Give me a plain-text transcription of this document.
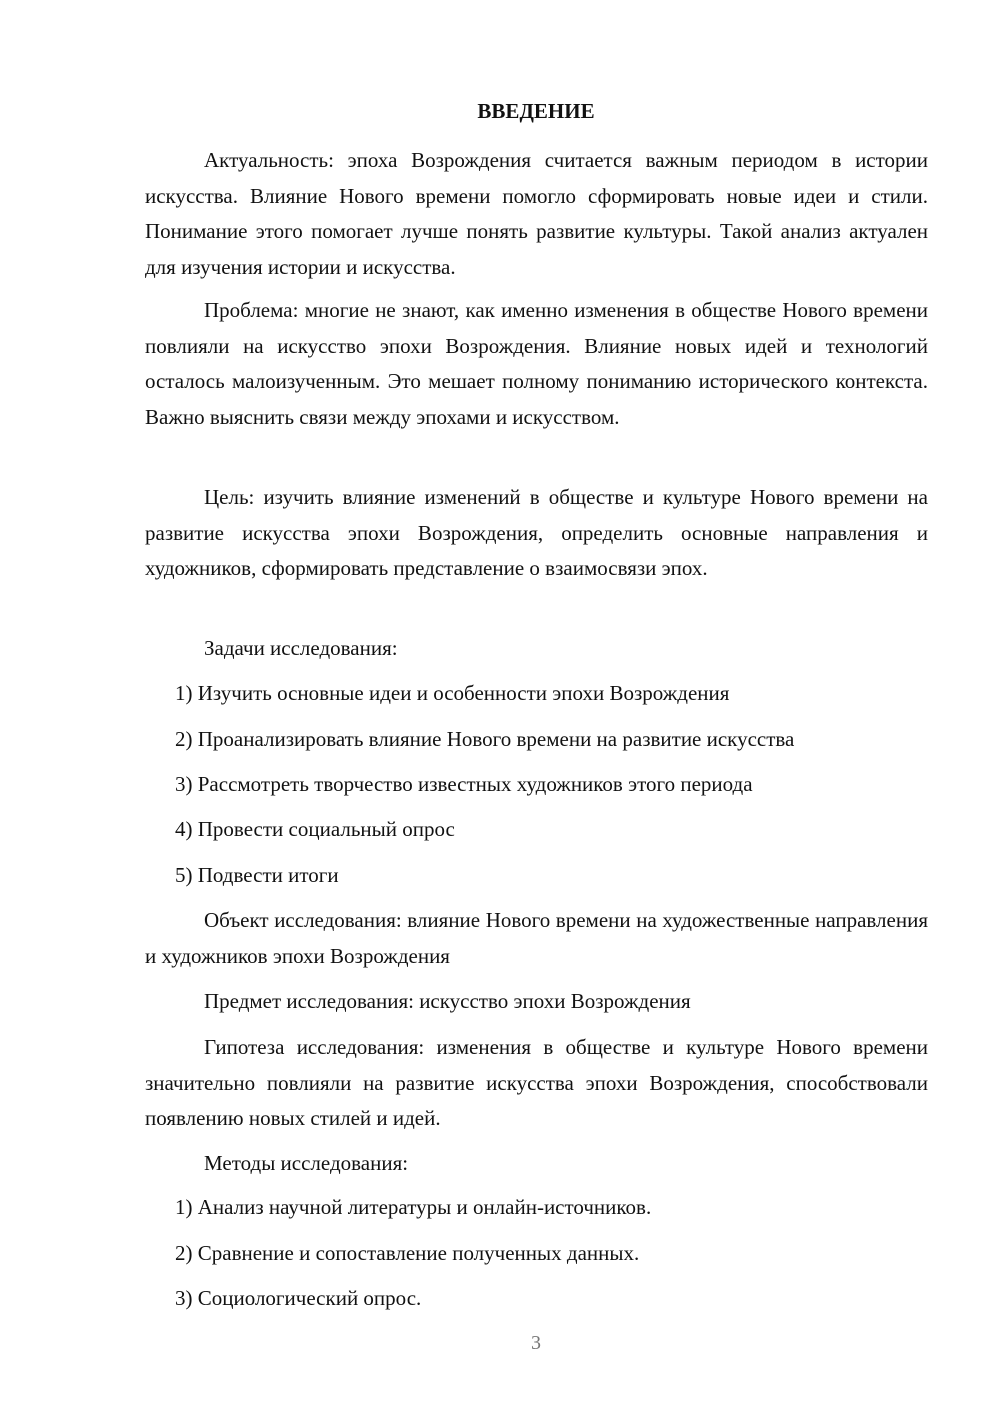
ВВЕДЕНИЕ

Актуальность: эпоха Возрождения считается важным периодом в истории искусства. Влияние Нового времени помогло сформировать новые идеи и стили. Понимание этого помогает лучше понять развитие культуры. Такой анализ актуален для изучения истории и искусства.

Проблема: многие не знают, как именно изменения в обществе Нового времени повлияли на искусство эпохи Возрождения. Влияние новых идей и технологий осталось малоизученным. Это мешает полному пониманию исторического контекста. Важно выяснить связи между эпохами и искусством.

Цель: изучить влияние изменений в обществе и культуре Нового времени на развитие искусства эпохи Возрождения, определить основные направления и художников, сформировать представление о взаимосвязи эпох.

Задачи исследования:

1) Изучить основные идеи и особенности эпохи Возрождения
2) Проанализировать влияние Нового времени на развитие искусства
3) Рассмотреть творчество известных художников этого периода
4) Провести социальный опрос
5) Подвести итоги

Объект исследования: влияние Нового времени на художественные направления и художников эпохи Возрождения

Предмет исследования: искусство эпохи Возрождения

Гипотеза исследования: изменения в обществе и культуре Нового времени значительно повлияли на развитие искусства эпохи Возрождения, способствовали появлению новых стилей и идей.

Методы исследования:

1) Анализ научной литературы и онлайн-источников.
2) Сравнение и сопоставление полученных данных.
3) Социологический опрос.
3
